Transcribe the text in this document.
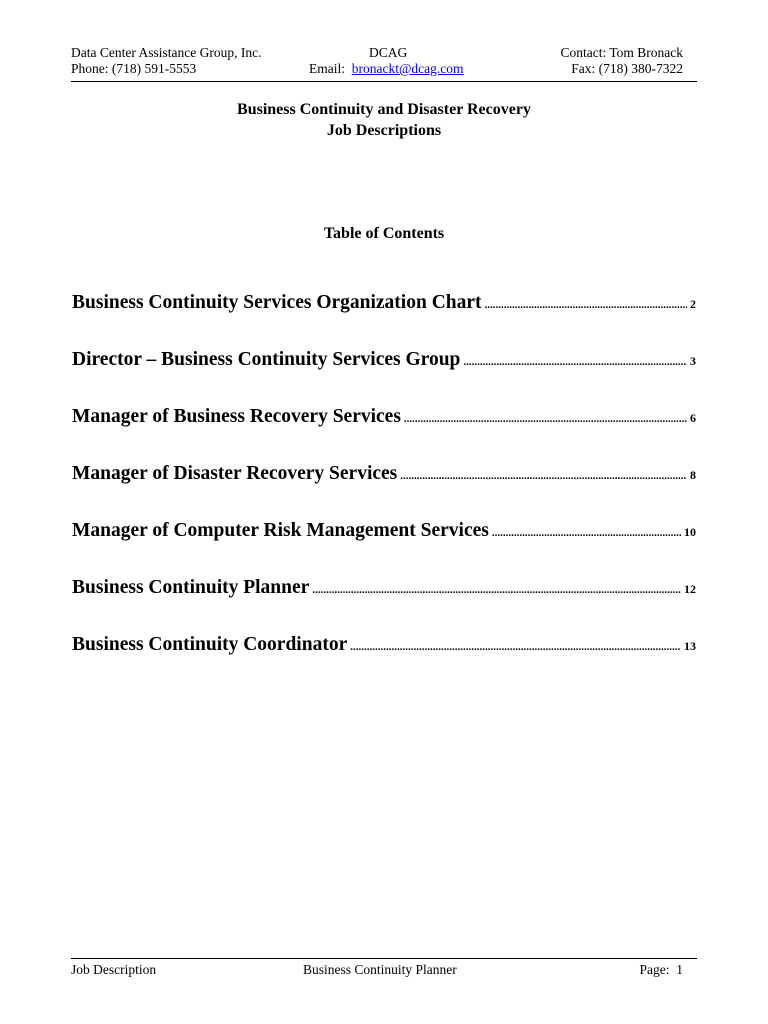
Data Center Assistance Group, Inc.
Phone: (718) 591-5553
DCAG
Email:  bronackt@dcag.com
Contact: Tom Bronack
Fax: (718) 380-7322
Business Continuity and Disaster Recovery
Job Descriptions
Table of Contents
Business Continuity Services Organization Chart .....	2
Director – Business Continuity Services Group .....	3
Manager of Business Recovery Services .....	6
Manager of Disaster Recovery Services .....	8
Manager of Computer Risk Management Services .....	10
Business Continuity Planner .....	12
Business Continuity Coordinator .....	13
Job Description	Business Continuity Planner	Page:  1
